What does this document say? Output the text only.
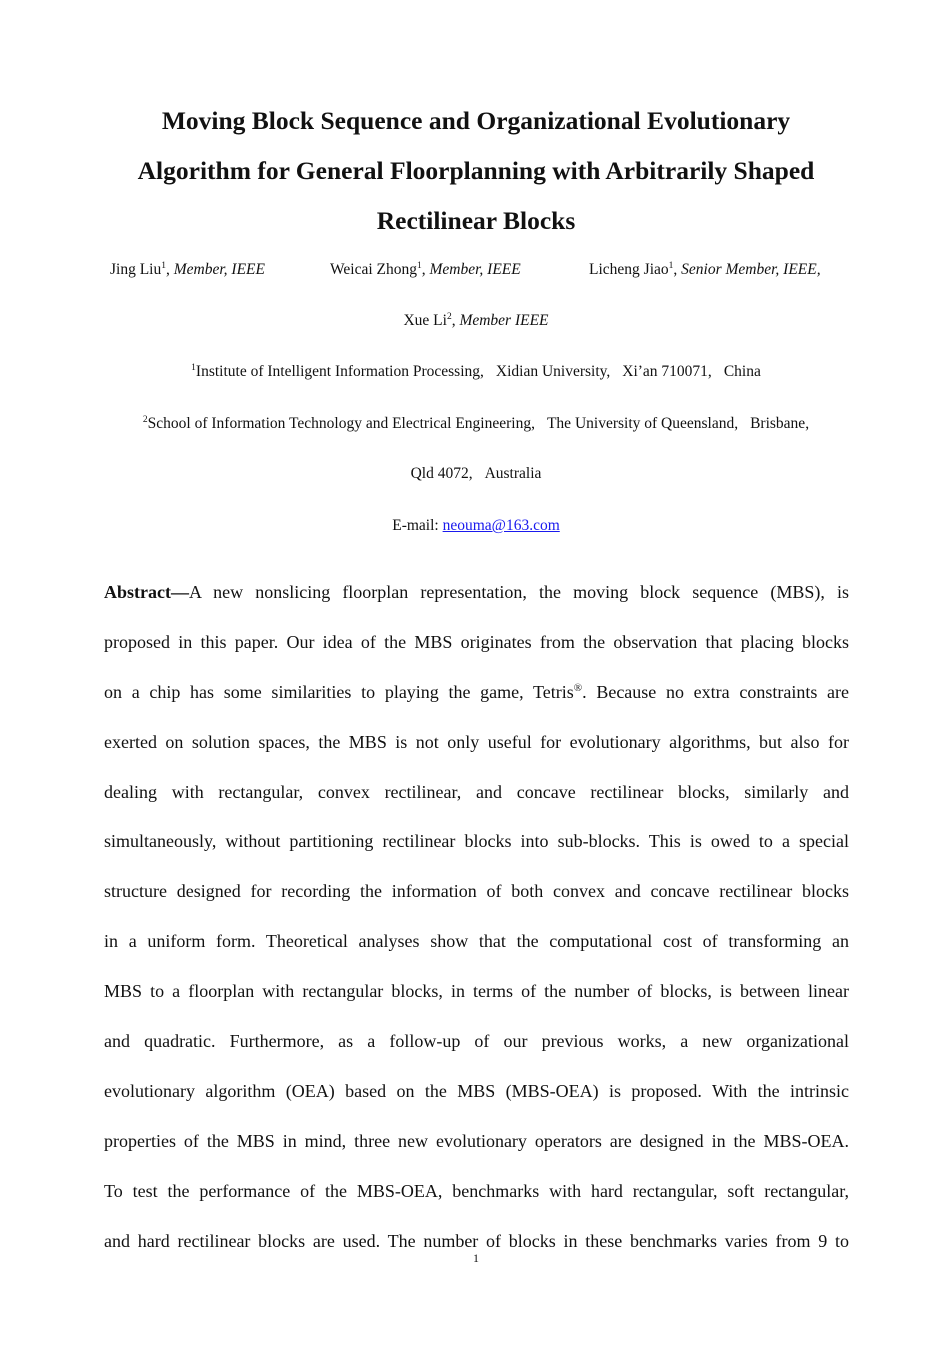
Moving Block Sequence and Organizational Evolutionary
Algorithm for General Floorplanning with Arbitrarily Shaped
Rectilinear Blocks
Jing Liu$^1$, Member, IEEE	Weicai Zhong$^1$, Member, IEEE	Licheng Jiao$^1$, Senior Member, IEEE,
Xue Li$^2$, Member IEEE
$^1$Institute of Intelligent Information Processing, Xidian University, Xi’an 710071, China
$^2$School of Information Technology and Electrical Engineering, The University of Queensland, Brisbane,
Qld 4072, Australia
E-mail: neouma@163.com
Abstract—A new nonslicing floorplan representation, the moving block sequence (MBS), is
proposed in this paper. Our idea of the MBS originates from the observation that placing blocks
on a chip has some similarities to playing the game, Tetris®. Because no extra constraints are
exerted on solution spaces, the MBS is not only useful for evolutionary algorithms, but also for
dealing with rectangular, convex rectilinear, and concave rectilinear blocks, similarly and
simultaneously, without partitioning rectilinear blocks into sub-blocks. This is owed to a special
structure designed for recording the information of both convex and concave rectilinear blocks
in a uniform form. Theoretical analyses show that the computational cost of transforming an
MBS to a floorplan with rectangular blocks, in terms of the number of blocks, is between linear
and quadratic. Furthermore, as a follow-up of our previous works, a new organizational
evolutionary algorithm (OEA) based on the MBS (MBS-OEA) is proposed. With the intrinsic
properties of the MBS in mind, three new evolutionary operators are designed in the MBS-OEA.
To test the performance of the MBS-OEA, benchmarks with hard rectangular, soft rectangular,
and hard rectilinear blocks are used. The number of blocks in these benchmarks varies from 9 to
1
